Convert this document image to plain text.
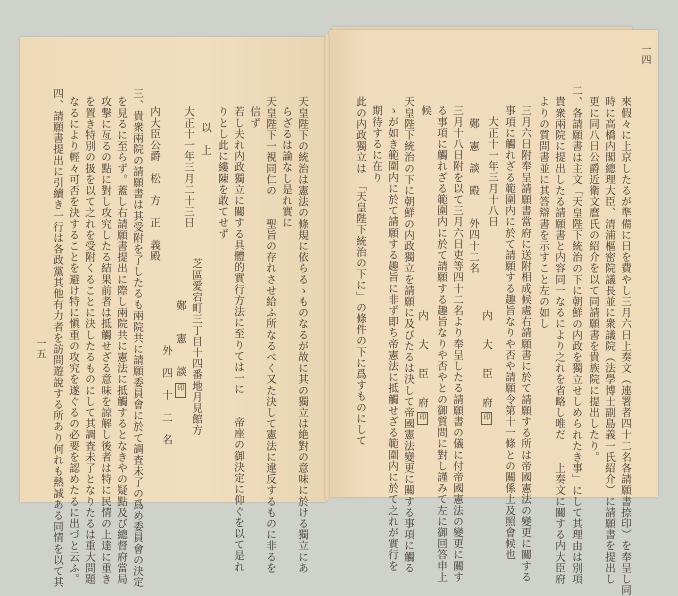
一四
來假々に上京したるが準備に日を費やし三月六日上奏文（連署者四十二名各請願書捺印）を奉呈し同
時に高橋内閣總理大臣、清浦樞密院議長並に衆議院（法學博士副島義一氏紹介）に請願書を提出し
更に同八日公爵近衛文麿氏の紹介を以て同請願書を貴族院に提出したり。
二、各請願書は主文「天皇陛下統治の下に朝鮮の内政を獨立せしめられたき事」にして其理由は別項
貴衆兩院に提出したる請願書と内容同一なるにより之れを省略し唯だ　　上奏文に關する内大臣府
よりの質問書並に其答辯書を示すこと左の如し
三月六日附奉呈請願書當府に送附相成候處右請願書に於て請願する所は帝國憲法の變更に關する
事項に觸れざる範圍内に於て請願する趣旨なりや否や請願令第十一條との關係上及照會候也
大正十一年三月十八日
内　大　臣　府印
鄭　憲　談　殿　　外四十二名
三月十八日附を以て三月六日吏等四十二名より奉呈したる請願書の儀に付帝國憲法の變更に關す
る事項に觸れざる範圍内に於て請願する趣旨なりや否やとの御質問に對し謹みて左に御回答申上
候
内　大　臣　府印
天皇陛下統治の下に朝鮮の内政獨立を請願に及びたるは決して帝國憲法變更に關する事項に觸る
ゝが如き範圍内に於て請願する趣旨に非ず即ち帝憲法に抵觸せざる範圍内に於て之れが實行を
期待するに在り
此の内政獨立は　「天皇陛下統治の下に」の條件の下に爲すものにして
天皇陛下の統治は憲法の條規に依らるゝものなるが故に其の獨立は絶對の意味に於ける獨立にあ
らざるは論なし是れ實に
天皇陛下一視同仁の　　聖旨の存れさせ給ふ所なるべく又た決して憲法に違反するものに非るを
信ず
若し夫れ内政獨立に關する具體的實行方法に至りては一に　　帝座の御決定に仰ぐを以て是れ
りとし此に縷陳を敢てせず
以　上
大正十一年三月二十三日
芝區愛宕町三丁目十四番地月見館方
鄭　憲　談印
外　四　十　二　名
内大臣公爵　松　方　正　義殿
三、貴衆兩院の請願書は其受附を了したるも兩院共に請願委員會に於て調査未了の爲め委員會の決定
を見るに至らず。蓋し右請願書提出に際し兩院共に憲法に抵觸するとなきやの疑點及び總督府當局
攻撃に亙るの點に對し攻究したる結果前者は抵觸せざる意味を諒解し後者は特に民情の上達に重き
を置き特別の扱を以て之れを受附くることに決したるものにして其調査未了となりたるは重大問題
なるにより輕々可否を決することを避け特に愼重の攻究を遂ぐるの必要を認めたるに出づと云ふ。
四、請願書提出に引續き一行は各政黨其他有力者を訪問遊說する所あり何れも熱誠ある同情を以て其
一五
